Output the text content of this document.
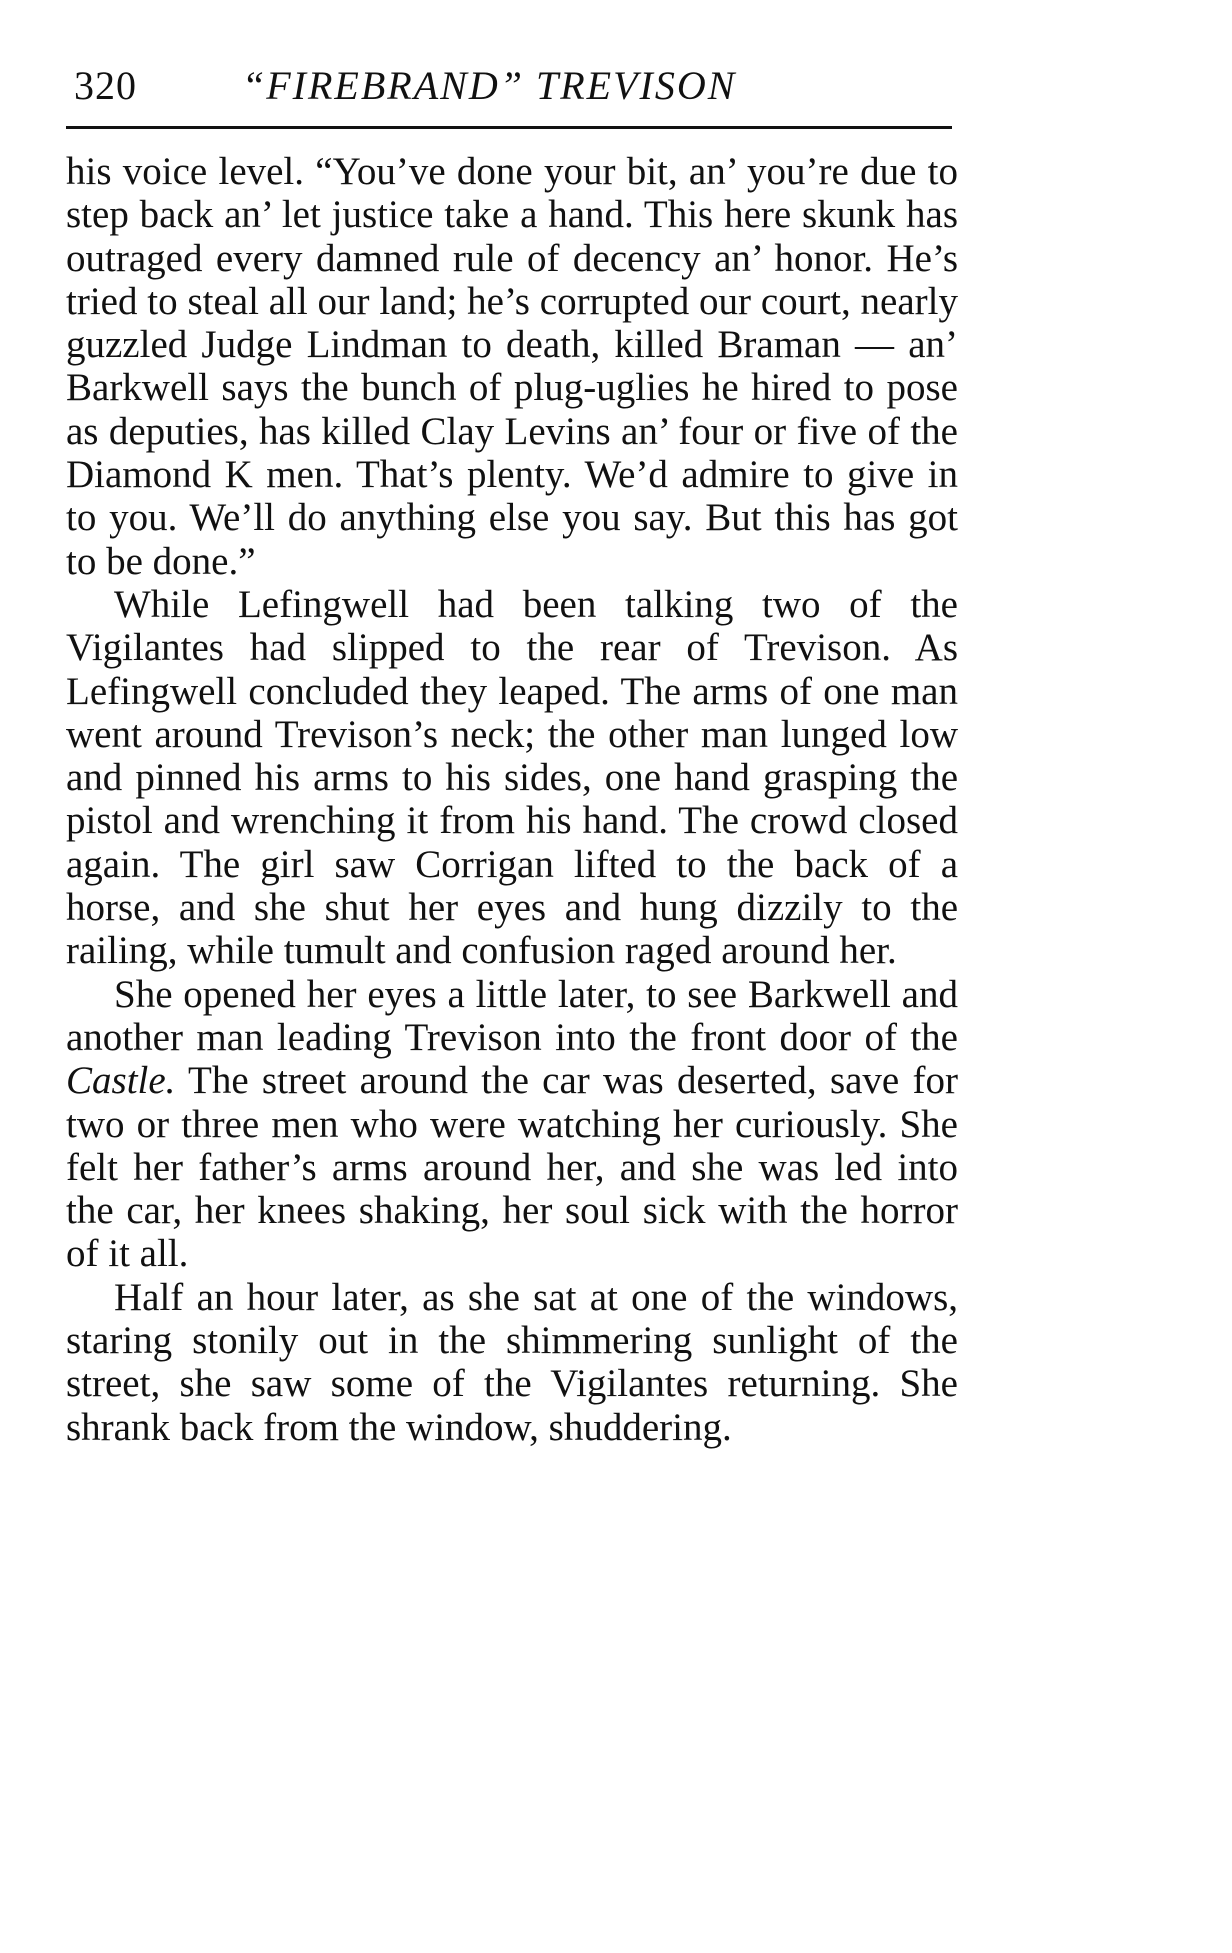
320	“FIREBRAND” TREVISON

his voice level. “You’ve done your bit, an’ you’re due to step back an’ let justice take a hand. This here skunk has outraged every damned rule of decency an’ honor. He’s tried to steal all our land; he’s corrupted our court, nearly guzzled Judge Lindman to death, killed Braman — an’ Barkwell says the bunch of plug-uglies he hired to pose as deputies, has killed Clay Levins an’ four or five of the Diamond K men. That’s plenty. We’d admire to give in to you. We’ll do anything else you say. But this has got to be done.”

While Lefingwell had been talking two of the Vigilantes had slipped to the rear of Trevison. As Lefingwell concluded they leaped. The arms of one man went around Trevison’s neck; the other man lunged low and pinned his arms to his sides, one hand grasping the pistol and wrenching it from his hand. The crowd closed again. The girl saw Corrigan lifted to the back of a horse, and she shut her eyes and hung dizzily to the railing, while tumult and confusion raged around her.

She opened her eyes a little later, to see Barkwell and another man leading Trevison into the front door of the Castle. The street around the car was deserted, save for two or three men who were watching her curiously. She felt her father’s arms around her, and she was led into the car, her knees shaking, her soul sick with the horror of it all.

Half an hour later, as she sat at one of the windows, staring stonily out in the shimmering sunlight of the street, she saw some of the Vigilantes returning. She shrank back from the window, shuddering.
